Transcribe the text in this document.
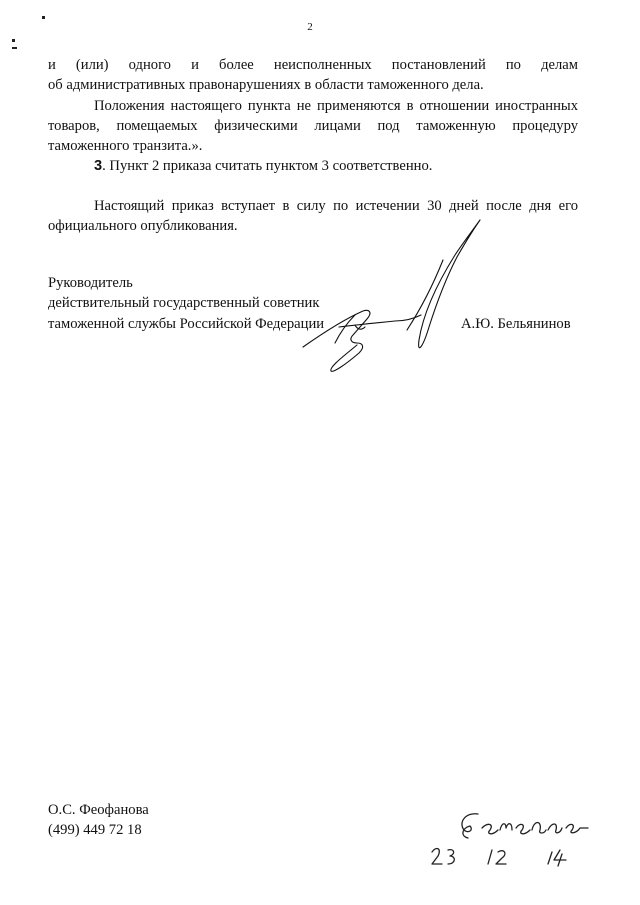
2
и (или) одного и более неисполненных постановлений по делам
об административных правонарушениях в области таможенного дела.
Положения настоящего пункта не применяются в отношении иностранных
товаров, помещаемых физическими лицами под таможенную процедуру
таможенного транзита.».
3. Пункт 2 приказа считать пунктом 3 соответственно.
Настоящий приказ вступает в силу по истечении 30 дней после дня его
официального опубликования.
Руководитель
действительный государственный советник
таможенной службы Российской Федерации	А.Ю. Бельянинов
О.С. Феофанова
(499) 449 72 18
